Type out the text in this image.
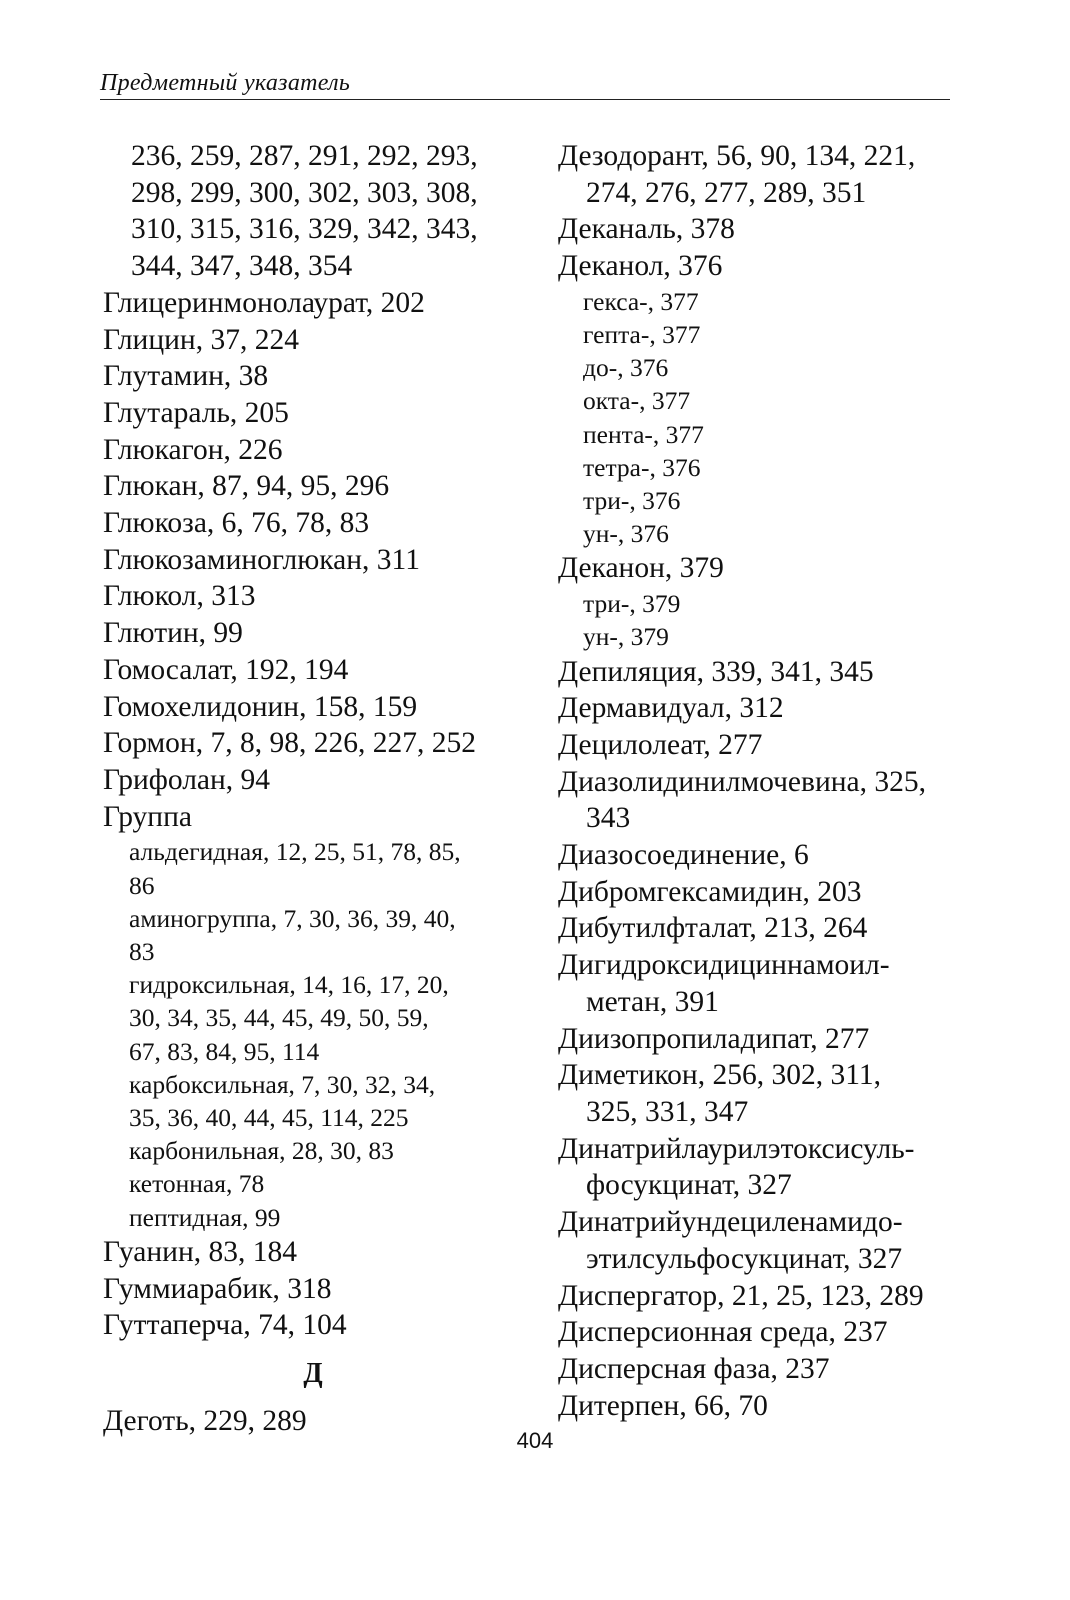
Предметный указатель
236, 259, 287, 291, 292, 293,
298, 299, 300, 302, 303, 308,
310, 315, 316, 329, 342, 343,
344, 347, 348, 354
Глицеринмонолаурат, 202
Глицин, 37, 224
Глутамин, 38
Глутараль, 205
Глюкагон, 226
Глюкан, 87, 94, 95, 296
Глюкоза, 6, 76, 78, 83
Глюкозаминоглюкан, 311
Глюкол, 313
Глютин, 99
Гомосалат, 192, 194
Гомохелидонин, 158, 159
Гормон, 7, 8, 98, 226, 227, 252
Грифолан, 94
Группа
альдегидная, 12, 25, 51, 78, 85,
86
аминогруппа, 7, 30, 36, 39, 40,
83
гидроксильная, 14, 16, 17, 20,
30, 34, 35, 44, 45, 49, 50, 59,
67, 83, 84, 95, 114
карбоксильная, 7, 30, 32, 34,
35, 36, 40, 44, 45, 114, 225
карбонильная, 28, 30, 83
кетонная, 78
пептидная, 99
Гуанин, 83, 184
Гуммиарабик, 318
Гуттаперча, 74, 104
Д
Деготь, 229, 289
Дезодорант, 56, 90, 134, 221,
274, 276, 277, 289, 351
Деканаль, 378
Деканол, 376
гекса-, 377
гепта-, 377
до-, 376
окта-, 377
пента-, 377
тетра-, 376
три-, 376
ун-, 376
Деканон, 379
три-, 379
ун-, 379
Депиляция, 339, 341, 345
Дермавидуал, 312
Децилолеат, 277
Диазолидинилмочевина, 325,
343
Диазосоединение, 6
Дибромгексамидин, 203
Дибутилфталат, 213, 264
Дигидроксидициннамоил-
метан, 391
Диизопропиладипат, 277
Диметикон, 256, 302, 311,
325, 331, 347
Динатрийлаурилэтоксисуль-
фосукцинат, 327
Динатрийундециленамидо-
этилсульфосукцинат, 327
Диспергатор, 21, 25, 123, 289
Дисперсионная среда, 237
Дисперсная фаза, 237
Дитерпен, 66, 70
404
